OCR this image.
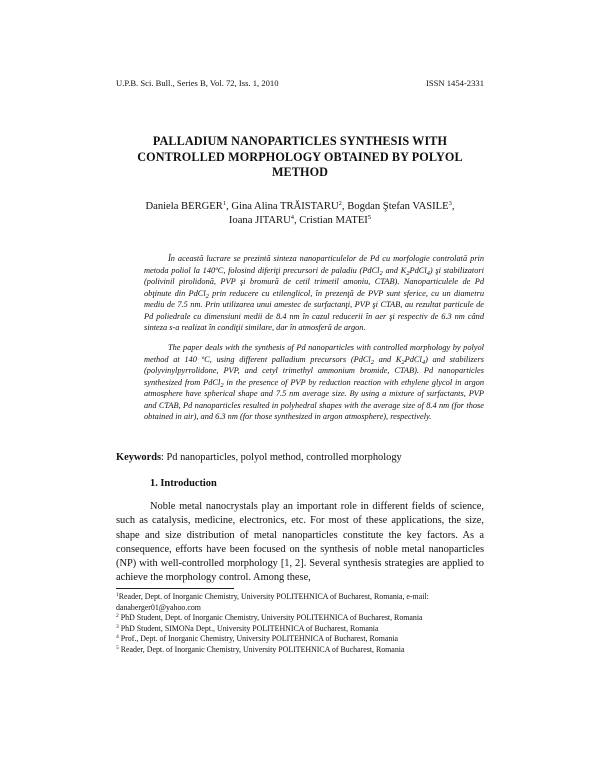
U.P.B. Sci. Bull., Series B, Vol. 72, Iss. 1, 2010	ISSN 1454-2331
PALLADIUM NANOPARTICLES SYNTHESIS WITH
CONTROLLED MORPHOLOGY OBTAINED BY POLYOL
METHOD
Daniela BERGER$^1$, Gina Alina TRĂISTARU$^2$, Bogdan Ştefan VASILE$^3$,
Ioana JITARU$^4$, Cristian MATEI$^5$

În această lucrare se prezintă sinteza nanoparticulelor de Pd cu morfologie controlată prin metoda poliol la 140ºC, folosind diferiţi precursori de paladiu (PdCl$_2$ and $K_2PdCl_4$) şi stabilizatori (polivinil pirolidonă, PVP şi bromură de cetil trimetil amoniu, CTAB). Nanoparticulele de Pd obţinute din PdCl$_2$ prin reducere cu etilenglicol, în prezenţă de PVP sunt sferice, cu un diametru mediu de 7.5 nm. Prin utilizarea unui amestec de surfactanţi, PVP şi CTAB, au rezultat particule de Pd poliedrale cu dimensiuni medii de 8.4 nm în cazul reducerii în aer şi respectiv de 6.3 nm când sinteza s-a realizat în condiţii similare, dar în atmosferă de argon.

The paper deals with the synthesis of Pd nanoparticles with controlled morphology by polyol method at 140 ºC, using different palladium precursors (PdCl$_2$ and $K_2PdCl_4$) and stabilizers (polyvinylpyrrolidone, PVP, and cetyl trimethyl ammonium bromide, CTAB). Pd nanoparticles synthesized from PdCl$_2$ in the presence of PVP by reduction reaction with ethylene glycol in argon atmosphere have spherical shape and 7.5 nm average size. By using a mixture of surfactants, PVP and CTAB, Pd nanoparticles resulted in polyhedral shapes with the average size of 8.4 nm (for those obtained in air), and 6.3 nm (for those synthesized in argon atmosphere), respectively.

Keywords: Pd nanoparticles, polyol method, controlled morphology
1. Introduction

Noble metal nanocrystals play an important role in different fields of science, such as catalysis, medicine, electronics, etc. For most of these applications, the size, shape and size distribution of metal nanoparticles constitute the key factors. As a consequence, efforts have been focused on the synthesis of noble metal nanoparticles (NP) with well-controlled morphology [1, 2]. Several synthesis strategies are applied to achieve the morphology control. Among these,

$^1$Reader, Dept. of Inorganic Chemistry, University POLITEHNICA of Bucharest, Romania, e-mail: danaberger01@yahoo.com
$^2$ PhD Student, Dept. of Inorganic Chemistry, University POLITEHNICA of Bucharest, Romania
$^3$ PhD Student, SIMONa Dept., University POLITEHNICA of Bucharest, Romania
$^4$ Prof., Dept. of Inorganic Chemistry, University POLITEHNICA of Bucharest, Romania
$^5$ Reader, Dept. of Inorganic Chemistry, University POLITEHNICA of Bucharest, Romania
